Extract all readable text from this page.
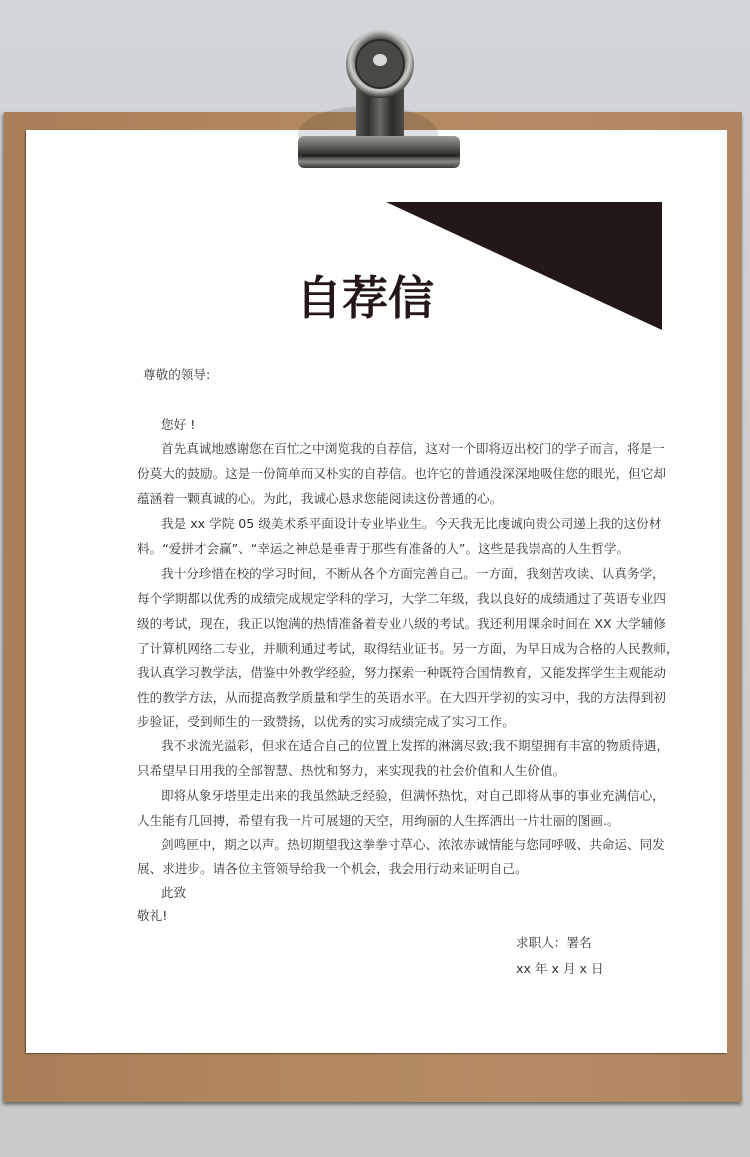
自荐信
尊敬的领导:
您好 !
首先真诚地感谢您在百忙之中浏览我的自荐信，这对一个即将迈出校门的学子而言，将是一
份莫大的鼓励。这是一份简单而又朴实的自荐信。也许它的普通没深深地吸住您的眼光，但它却
蕴涵着一颗真诚的心。为此，我诚心恳求您能阅读这份普通的心。
我是 xx 学院 05 级美术系平面设计专业毕业生。今天我无比虔诚向贵公司递上我的这份材
料。“爱拼才会赢”、“幸运之神总是垂青于那些有准备的人”。这些是我崇高的人生哲学。
我十分珍惜在校的学习时间，不断从各个方面完善自己。一方面，我刻苦攻读、认真务学，
每个学期都以优秀的成绩完成规定学科的学习，大学二年级，我以良好的成绩通过了英语专业四
级的考试，现在，我正以饱满的热情准备着专业八级的考试。我还利用课余时间在 XX 大学辅修
了计算机网络二专业，并顺利通过考试，取得结业证书。另一方面，为早日成为合格的人民教师，
我认真学习教学法，借鉴中外教学经验，努力探索一种既符合国情教育，又能发挥学生主观能动
性的教学方法，从而提高教学质量和学生的英语水平。在大四开学初的实习中，我的方法得到初
步验证，受到师生的一致赞扬，以优秀的实习成绩完成了实习工作。
我不求流光溢彩，但求在适合自己的位置上发挥的淋漓尽致;我不期望拥有丰富的物质待遇，
只希望早日用我的全部智慧、热忱和努力，来实现我的社会价值和人生价值。
即将从象牙塔里走出来的我虽然缺乏经验，但满怀热忱，对自己即将从事的事业充满信心，
人生能有几回搏，希望有我一片可展翅的天空，用绚丽的人生挥洒出一片壮丽的图画.。
剑鸣匣中，期之以声。热切期望我这拳拳寸草心、浓浓赤诚情能与您同呼吸、共命运、同发
展、求进步。请各位主管领导给我一个机会，我会用行动来证明自己。
此致
敬礼!
求职人：署名
xx 年 x 月 x 日
